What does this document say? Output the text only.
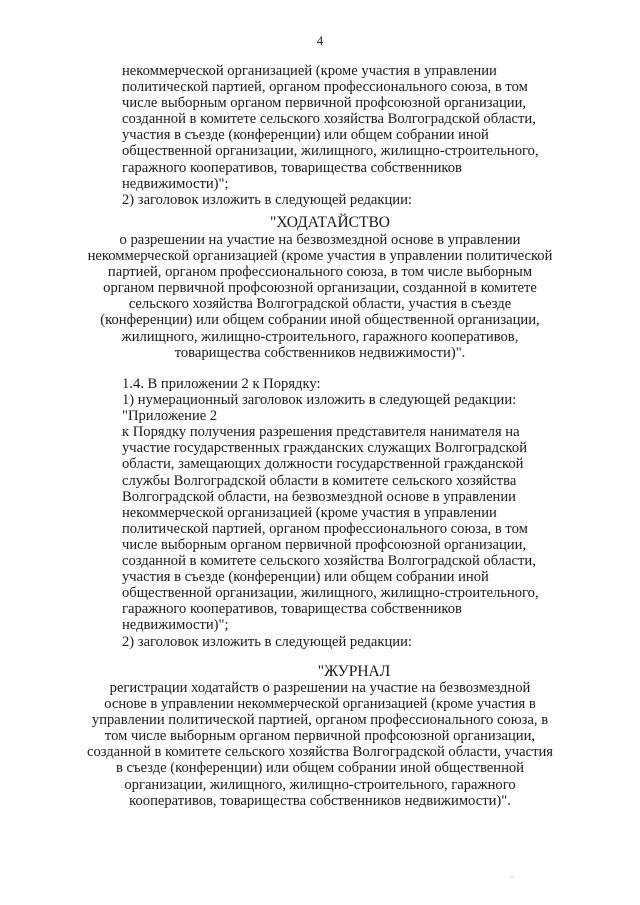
4
некоммерческой организацией (кроме участия в управлении
политической партией, органом профессионального союза, в том
числе выборным органом первичной профсоюзной организации,
созданной в комитете сельского хозяйства Волгоградской области,
участия в съезде (конференции) или общем собрании иной
общественной организации, жилищного, жилищно-строительного,
гаражного кооперативов, товарищества собственников
недвижимости)";
2) заголовок изложить в следующей редакции:
"ХОДАТАЙСТВО
о разрешении на участие на безвозмездной основе в управлении
некоммерческой организацией (кроме участия в управлении политической
партией, органом профессионального союза, в том числе выборным
органом первичной профсоюзной организации, созданной в комитете
сельского хозяйства Волгоградской области, участия в съезде
(конференции) или общем собрании иной общественной организации,
жилищного, жилищно-строительного, гаражного кооперативов,
товарищества собственников недвижимости)".
1.4. В приложении 2 к Порядку:
1) нумерационный заголовок изложить в следующей редакции:
"Приложение 2
к Порядку получения разрешения представителя нанимателя на
участие государственных гражданских служащих Волгоградской
области, замещающих должности государственной гражданской
службы Волгоградской области в комитете сельского хозяйства
Волгоградской области, на безвозмездной основе в управлении
некоммерческой организацией (кроме участия в управлении
политической партией, органом профессионального союза, в том
числе выборным органом первичной профсоюзной организации,
созданной в комитете сельского хозяйства Волгоградской области,
участия в съезде (конференции) или общем собрании иной
общественной организации, жилищного, жилищно-строительного,
гаражного кооперативов, товарищества собственников
недвижимости)";
2) заголовок изложить в следующей редакции:
"ЖУРНАЛ
регистрации ходатайств о разрешении на участие на безвозмездной
основе в управлении некоммерческой организацией (кроме участия в
управлении политической партией, органом профессионального союза, в
том числе выборным органом первичной профсоюзной организации,
созданной в комитете сельского хозяйства Волгоградской области, участия
в съезде (конференции) или общем собрании иной общественной
организации, жилищного, жилищно-строительного, гаражного
кооперативов, товарищества собственников недвижимости)".
